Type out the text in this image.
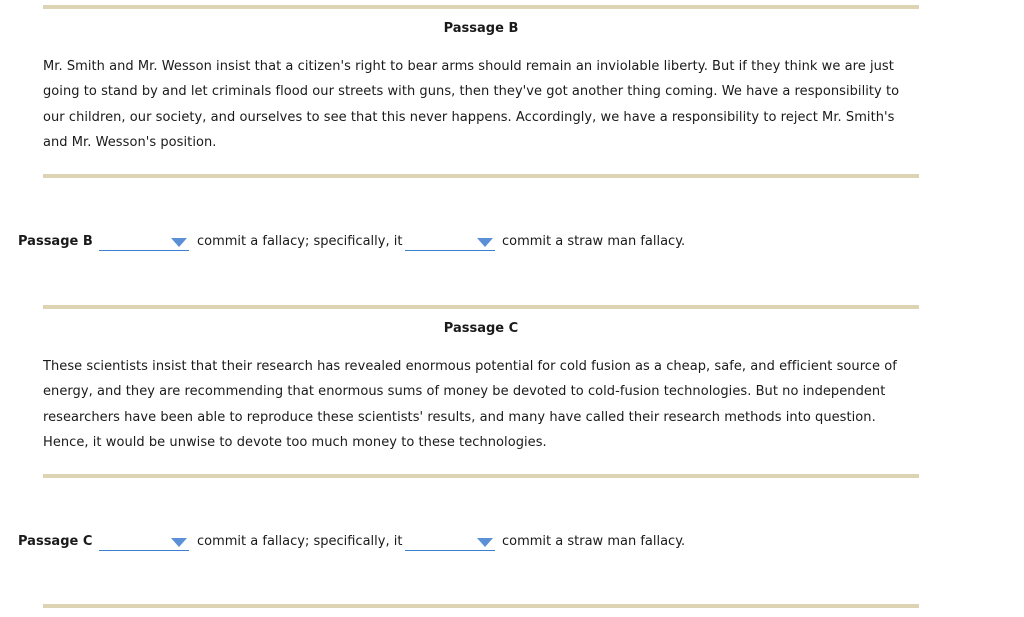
Passage B

Mr. Smith and Mr. Wesson insist that a citizen's right to bear arms should remain an inviolable liberty. But if they think we are just going to stand by and let criminals flood our streets with guns, then they've got another thing coming. We have a responsibility to our children, our society, and ourselves to see that this never happens. Accordingly, we have a responsibility to reject Mr. Smith's and Mr. Wesson's position.

Passage B	commit a fallacy; specifically, it	commit a straw man fallacy.
Passage C

These scientists insist that their research has revealed enormous potential for cold fusion as a cheap, safe, and efficient source of energy, and they are recommending that enormous sums of money be devoted to cold-fusion technologies. But no independent researchers have been able to reproduce these scientists' results, and many have called their research methods into question. Hence, it would be unwise to devote too much money to these technologies.

Passage C	commit a fallacy; specifically, it	commit a straw man fallacy.
